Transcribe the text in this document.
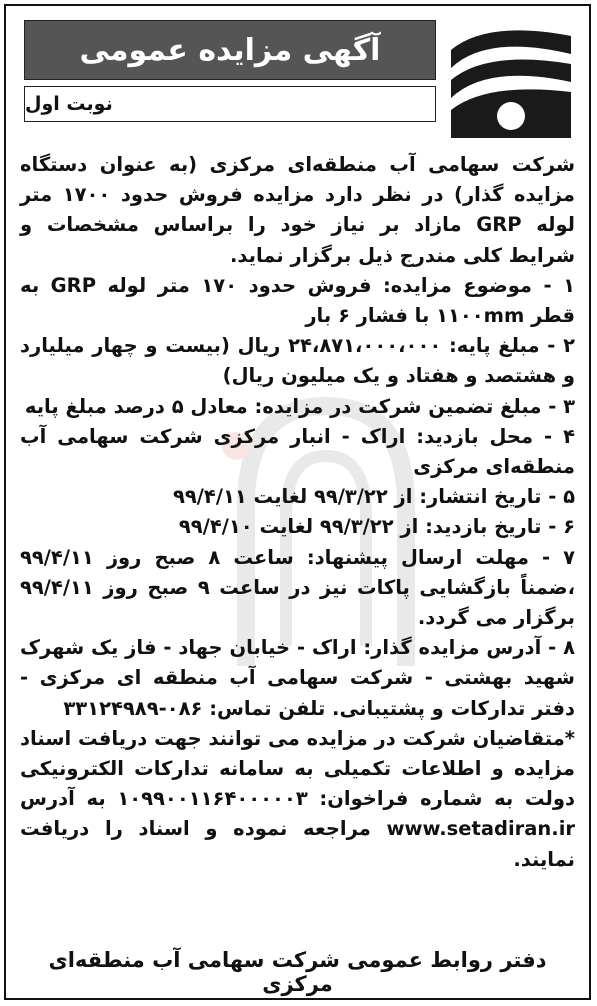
آگهی مزایده عمومی
نوبت اول

شرکت سهامی آب منطقه‌ای مرکزی (به عنوان دستگاه مزایده گذار) در نظر دارد مزایده فروش حدود ۱۷۰۰ متر لوله GRP مازاد بر نیاز خود را براساس مشخصات و شرایط کلی مندرج ذیل برگزار نماید.

۱ - موضوع مزایده: فروش حدود ۱۷۰ متر لوله GRP به قطر ۱۱۰۰mm با فشار ۶ بار

۲ - مبلغ پایه: ۲۴،۸۷۱،۰۰۰،۰۰۰ ریال (بیست و چهار میلیارد و هشتصد و هفتاد و یک میلیون ریال)

۳ - مبلغ تضمین شرکت در مزایده: معادل ۵ درصد مبلغ پایه

۴ - محل بازدید: اراک - انبار مرکزی شرکت سهامی آب منطقه‌ای مرکزی

۵ - تاریخ انتشار: از ۹۹/۳/۲۲ لغایت ۹۹/۴/۱۱

۶ - تاریخ بازدید: از ۹۹/۳/۲۲ لغایت ۹۹/۴/۱۰

۷ - مهلت ارسال پیشنهاد: ساعت ۸ صبح روز ۹۹/۴/۱۱ ،ضمناً بازگشایی پاکات نیز در ساعت ۹ صبح روز ۹۹/۴/۱۱ برگزار می گردد.

۸ - آدرس مزایده گذار: اراک - خیابان جهاد - فاز یک شهرک شهید بهشتی - شرکت سهامی آب منطقه ای مرکزی - دفتر تدارکات و پشتیبانی. تلفن تماس: ۰۸۶-۳۳۱۲۴۹۸۹

*متقاضیان شرکت در مزایده می توانند جهت دریافت اسناد مزایده و اطلاعات تکمیلی به سامانه تدارکات الکترونیکی دولت به شماره فراخوان: ۱۰۹۹۰۰۱۱۶۴۰۰۰۰۰۳ به آدرس www.setadiran.ir مراجعه نموده و اسناد را دریافت نمایند.

دفتر روابط عمومی شرکت سهامی آب منطقه‌ای مرکزی
